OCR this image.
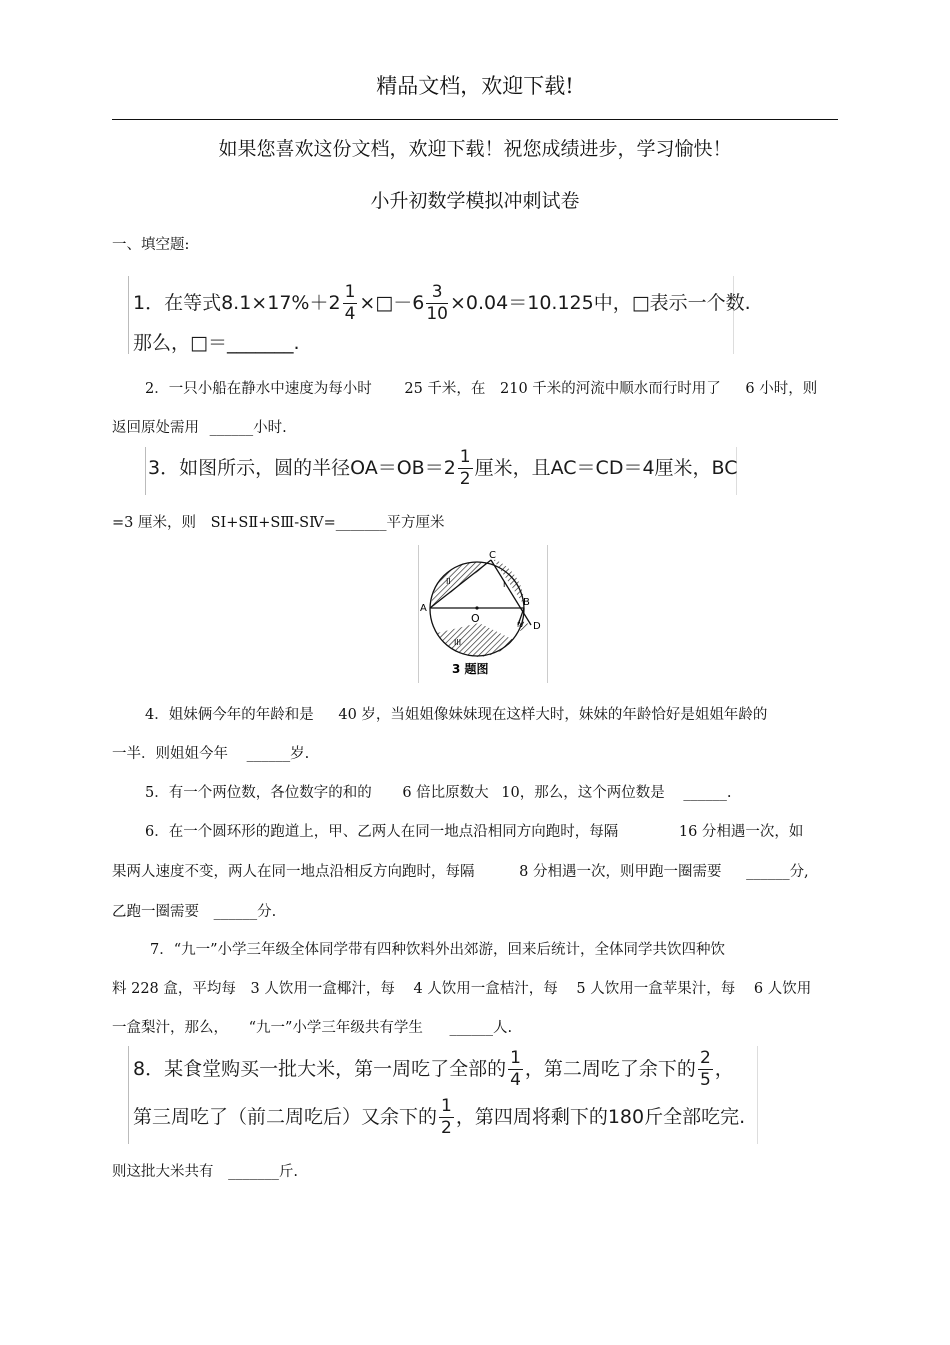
精品文档，欢迎下载!
如果您喜欢这份文档，欢迎下载！祝您成绩进步，学习愉快！
小升初数学模拟冲刺试卷
一、填空题:
1．在等式$8.1\times 17\%+2 \frac{1}{4}$ ×□－6 $\frac{3}{10} \times 0.04=10.125$中，□表示一个数.
那么，□＝_______.
2．一只小船在静水中速度为每小时 25 千米，在 210 千米的河流中顺水而行时用了 6 小时，则
返回原处需用 ______小时.
3．如图所示，圆的半径$OA=OB=2 \frac{1}{2}$ 厘米，且AC＝CD＝4厘米，BC
=3 厘米，则 SⅠ+SⅡ+SⅢ-SⅣ=_______平方厘米
A
B
C
D
O
I
II
III
IV
3 题图
4．姐妹俩今年的年龄和是 40 岁，当姐姐像妹妹现在这样大时，妹妹的年龄恰好是姐姐年龄的
一半．则姐姐今年 ______岁.
5．有一个两位数，各位数字的和的 6 倍比原数大 10，那么，这个两位数是 ______.
6．在一个圆环形的跑道上，甲、乙两人在同一地点沿相同方向跑时，每隔	16 分相遇一次，如
果两人速度不变，两人在同一地点沿相反方向跑时，每隔	8 分相遇一次，则甲跑一圈需要 ______分,
乙跑一圈需要 ______分.
7．“九一”小学三年级全体同学带有四种饮料外出郊游，回来后统计，全体同学共饮四种饮
料 228 盒，平均每 3 人饮用一盒椰汁，每 4 人饮用一盒桔汁，每 5 人饮用一盒苹果汁，每 6 人饮用
一盒梨汁，那么， “九一”小学三年级共有学生 ______人.
8．某食堂购买一批大米，第一周吃了全部的 $\frac{1}{4}$ ，第二周吃了余下的 $\frac{2}{5}$ ，
第三周吃了（前二周吃后）又余下的 $\frac{1}{2}$ ，第四周将剩下的180斤全部吃完.
则这批大米共有 _______斤.
